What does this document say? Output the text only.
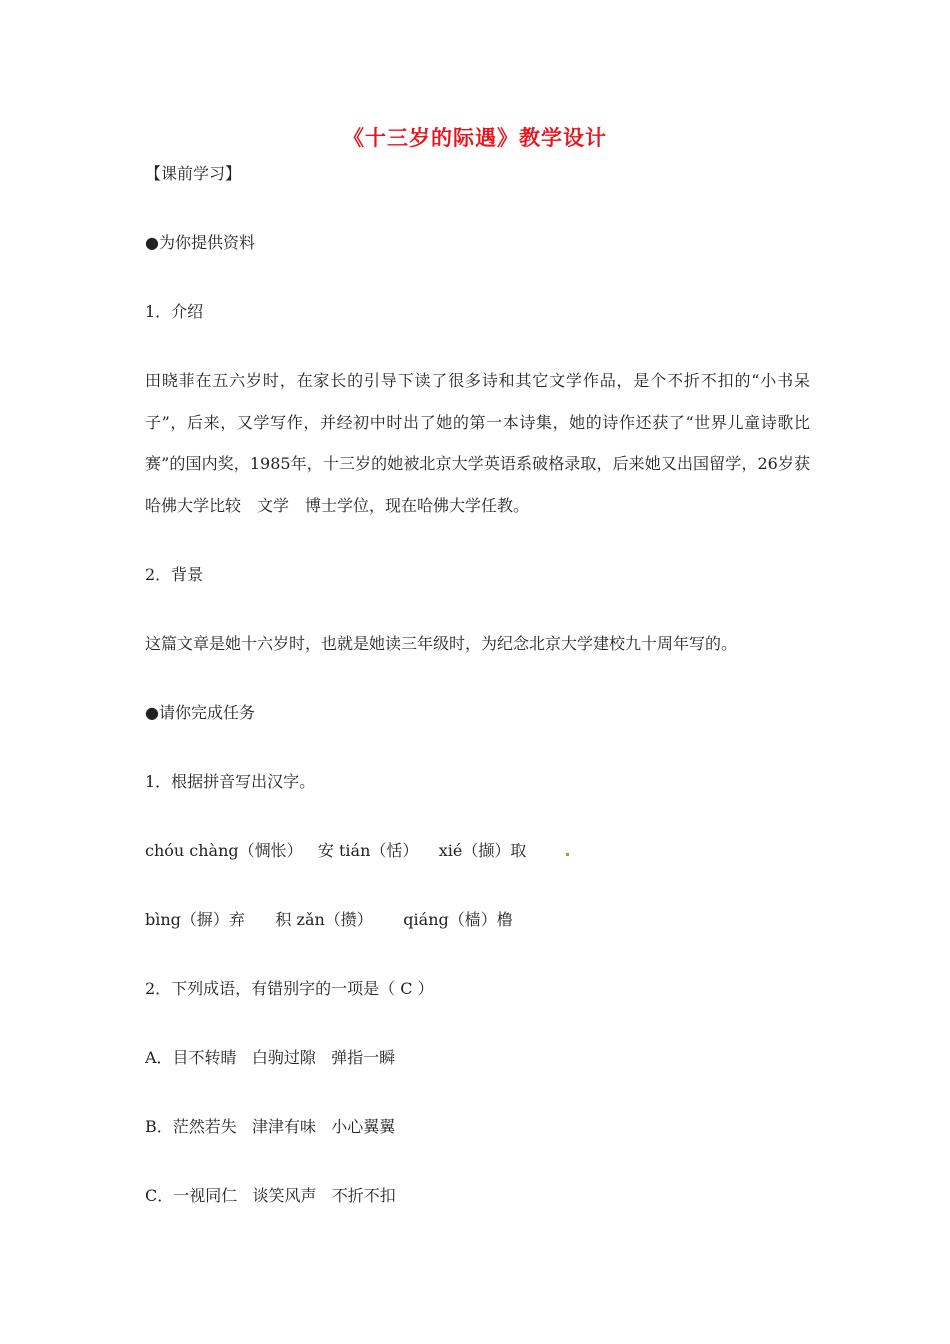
《十三岁的际遇》教学设计
【课前学习】
●为你提供资料
1．介绍
田晓菲在五六岁时，在家长的引导下读了很多诗和其它文学作品，是个不折不扣的“小书呆子”，后来，又学写作，并经初中时出了她的第一本诗集，她的诗作还获了“世界儿童诗歌比赛”的国内奖，1985年，十三岁的她被北京大学英语系破格录取，后来她又出国留学，26岁获哈佛大学比较　文学　博士学位，现在哈佛大学任教。
2．背景
这篇文章是她十六岁时，也就是她读三年级时，为纪念北京大学建校九十周年写的。
●请你完成任务
1．根据拼音写出汉字。
chóu chàng（惆怅）   安 tián（恬）    xié（撷）取
bìng（摒）弃      积 zǎn（攒）      qiáng（樯）橹
2．下列成语，有错别字的一项是（ C ）
A．目不转睛   白驹过隙   弹指一瞬
B．茫然若失   津津有味   小心翼翼
C．一视同仁   谈笑风声   不折不扣
